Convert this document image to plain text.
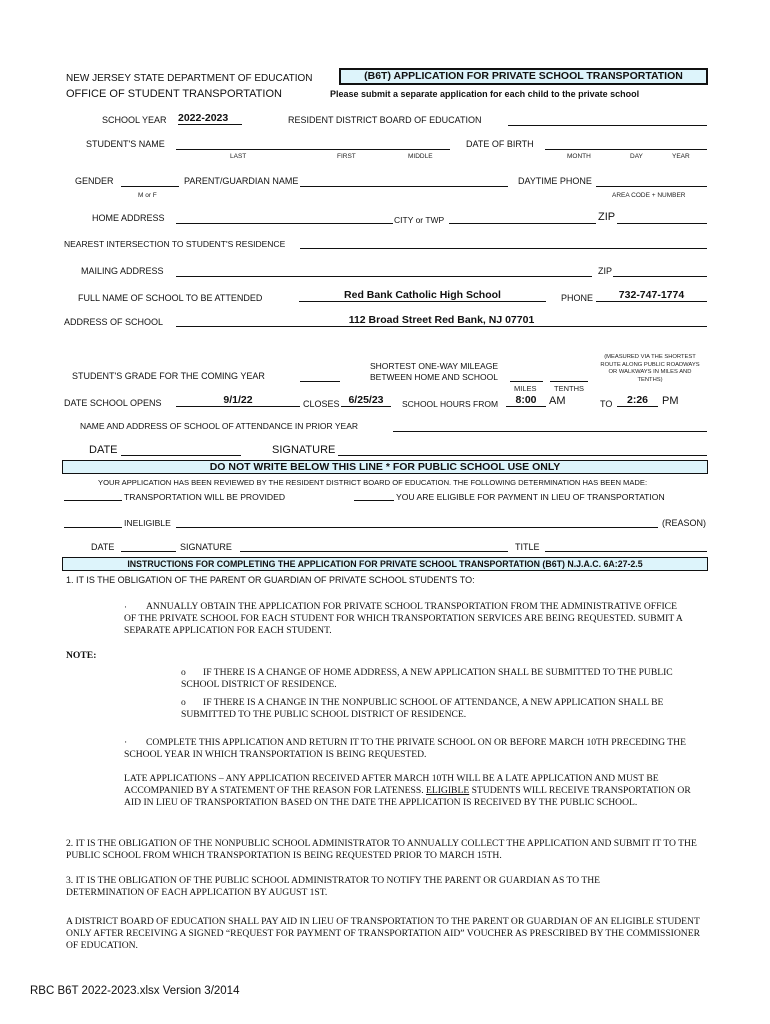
NEW JERSEY STATE DEPARTMENT OF EDUCATION
OFFICE OF STUDENT TRANSPORTATION
(B6T) APPLICATION FOR PRIVATE SCHOOL TRANSPORTATION
Please submit a separate application for each child to the private school
SCHOOL YEAR 2022-2023	RESIDENT DISTRICT BOARD OF EDUCATION
STUDENT'S NAME
LAST	FIRST	MIDDLE
DATE OF BIRTH
MONTH	DAY	YEAR
GENDER
M or F
PARENT/GUARDIAN NAME	DAYTIME PHONE
AREA CODE + NUMBER
HOME ADDRESS	CITY or TWP	ZIP
NEAREST INTERSECTION TO STUDENT'S RESIDENCE
MAILING ADDRESS	ZIP
FULL NAME OF SCHOOL TO BE ATTENDED	Red Bank Catholic High School	PHONE	732-747-1774
ADDRESS OF SCHOOL	112 Broad Street Red Bank, NJ 07701
(MEASURED VIA THE SHORTEST ROUTE ALONG PUBLIC ROADWAYS OR WALKWAYS IN MILES AND TENTHS)
STUDENT'S GRADE FOR THE COMING YEAR
SHORTEST ONE-WAY MILEAGE
BETWEEN HOME AND SCHOOL
MILES TENTHS
DATE SCHOOL OPENS	9/1/22	CLOSES 6/25/23	SCHOOL HOURS FROM	8:00	AM	TO	2:26	PM
NAME AND ADDRESS OF SCHOOL OF ATTENDANCE IN PRIOR YEAR
DATE	SIGNATURE
DO NOT WRITE BELOW THIS LINE * FOR PUBLIC SCHOOL USE ONLY
YOUR APPLICATION HAS BEEN REVIEWED BY THE RESIDENT DISTRICT BOARD OF EDUCATION. THE FOLLOWING DETERMINATION HAS BEEN MADE:
TRANSPORTATION WILL BE PROVIDED	YOU ARE ELIGIBLE FOR PAYMENT IN LIEU OF TRANSPORTATION
INELIGIBLE	(REASON)
DATE	SIGNATURE	TITLE
INSTRUCTIONS FOR COMPLETING THE APPLICATION FOR PRIVATE SCHOOL TRANSPORTATION (B6T) N.J.A.C. 6A:27-2.5
1. IT IS THE OBLIGATION OF THE PARENT OR GUARDIAN OF PRIVATE SCHOOL STUDENTS TO:
·	ANNUALLY OBTAIN THE APPLICATION FOR PRIVATE SCHOOL TRANSPORTATION FROM THE ADMINISTRATIVE OFFICE OF THE PRIVATE SCHOOL FOR EACH STUDENT FOR WHICH TRANSPORTATION SERVICES ARE BEING REQUESTED. SUBMIT A SEPARATE APPLICATION FOR EACH STUDENT.
NOTE:
o	IF THERE IS A CHANGE OF HOME ADDRESS, A NEW APPLICATION SHALL BE SUBMITTED TO THE PUBLIC SCHOOL DISTRICT OF RESIDENCE.
o	IF THERE IS A CHANGE IN THE NONPUBLIC SCHOOL OF ATTENDANCE, A NEW APPLICATION SHALL BE SUBMITTED TO THE PUBLIC SCHOOL DISTRICT OF RESIDENCE.
·	COMPLETE THIS APPLICATION AND RETURN IT TO THE PRIVATE SCHOOL ON OR BEFORE MARCH 10TH PRECEDING THE SCHOOL YEAR IN WHICH TRANSPORTATION IS BEING REQUESTED.
LATE APPLICATIONS – ANY APPLICATION RECEIVED AFTER MARCH 10TH WILL BE A LATE APPLICATION AND MUST BE ACCOMPANIED BY A STATEMENT OF THE REASON FOR LATENESS. ELIGIBLE STUDENTS WILL RECEIVE TRANSPORTATION OR AID IN LIEU OF TRANSPORTATION BASED ON THE DATE THE APPLICATION IS RECEIVED BY THE PUBLIC SCHOOL.
2. IT IS THE OBLIGATION OF THE NONPUBLIC SCHOOL ADMINISTRATOR TO ANNUALLY COLLECT THE APPLICATION AND SUBMIT IT TO THE PUBLIC SCHOOL FROM WHICH TRANSPORTATION IS BEING REQUESTED PRIOR TO MARCH 15TH.
3. IT IS THE OBLIGATION OF THE PUBLIC SCHOOL ADMINISTRATOR TO NOTIFY THE PARENT OR GUARDIAN AS TO THE DETERMINATION OF EACH APPLICATION BY AUGUST 1ST.
A DISTRICT BOARD OF EDUCATION SHALL PAY AID IN LIEU OF TRANSPORTATION TO THE PARENT OR GUARDIAN OF AN ELIGIBLE STUDENT ONLY AFTER RECEIVING A SIGNED “REQUEST FOR PAYMENT OF TRANSPORTATION AID” VOUCHER AS PRESCRIBED BY THE COMMISSIONER OF EDUCATION.
RBC B6T 2022-2023.xlsx Version 3/2014
